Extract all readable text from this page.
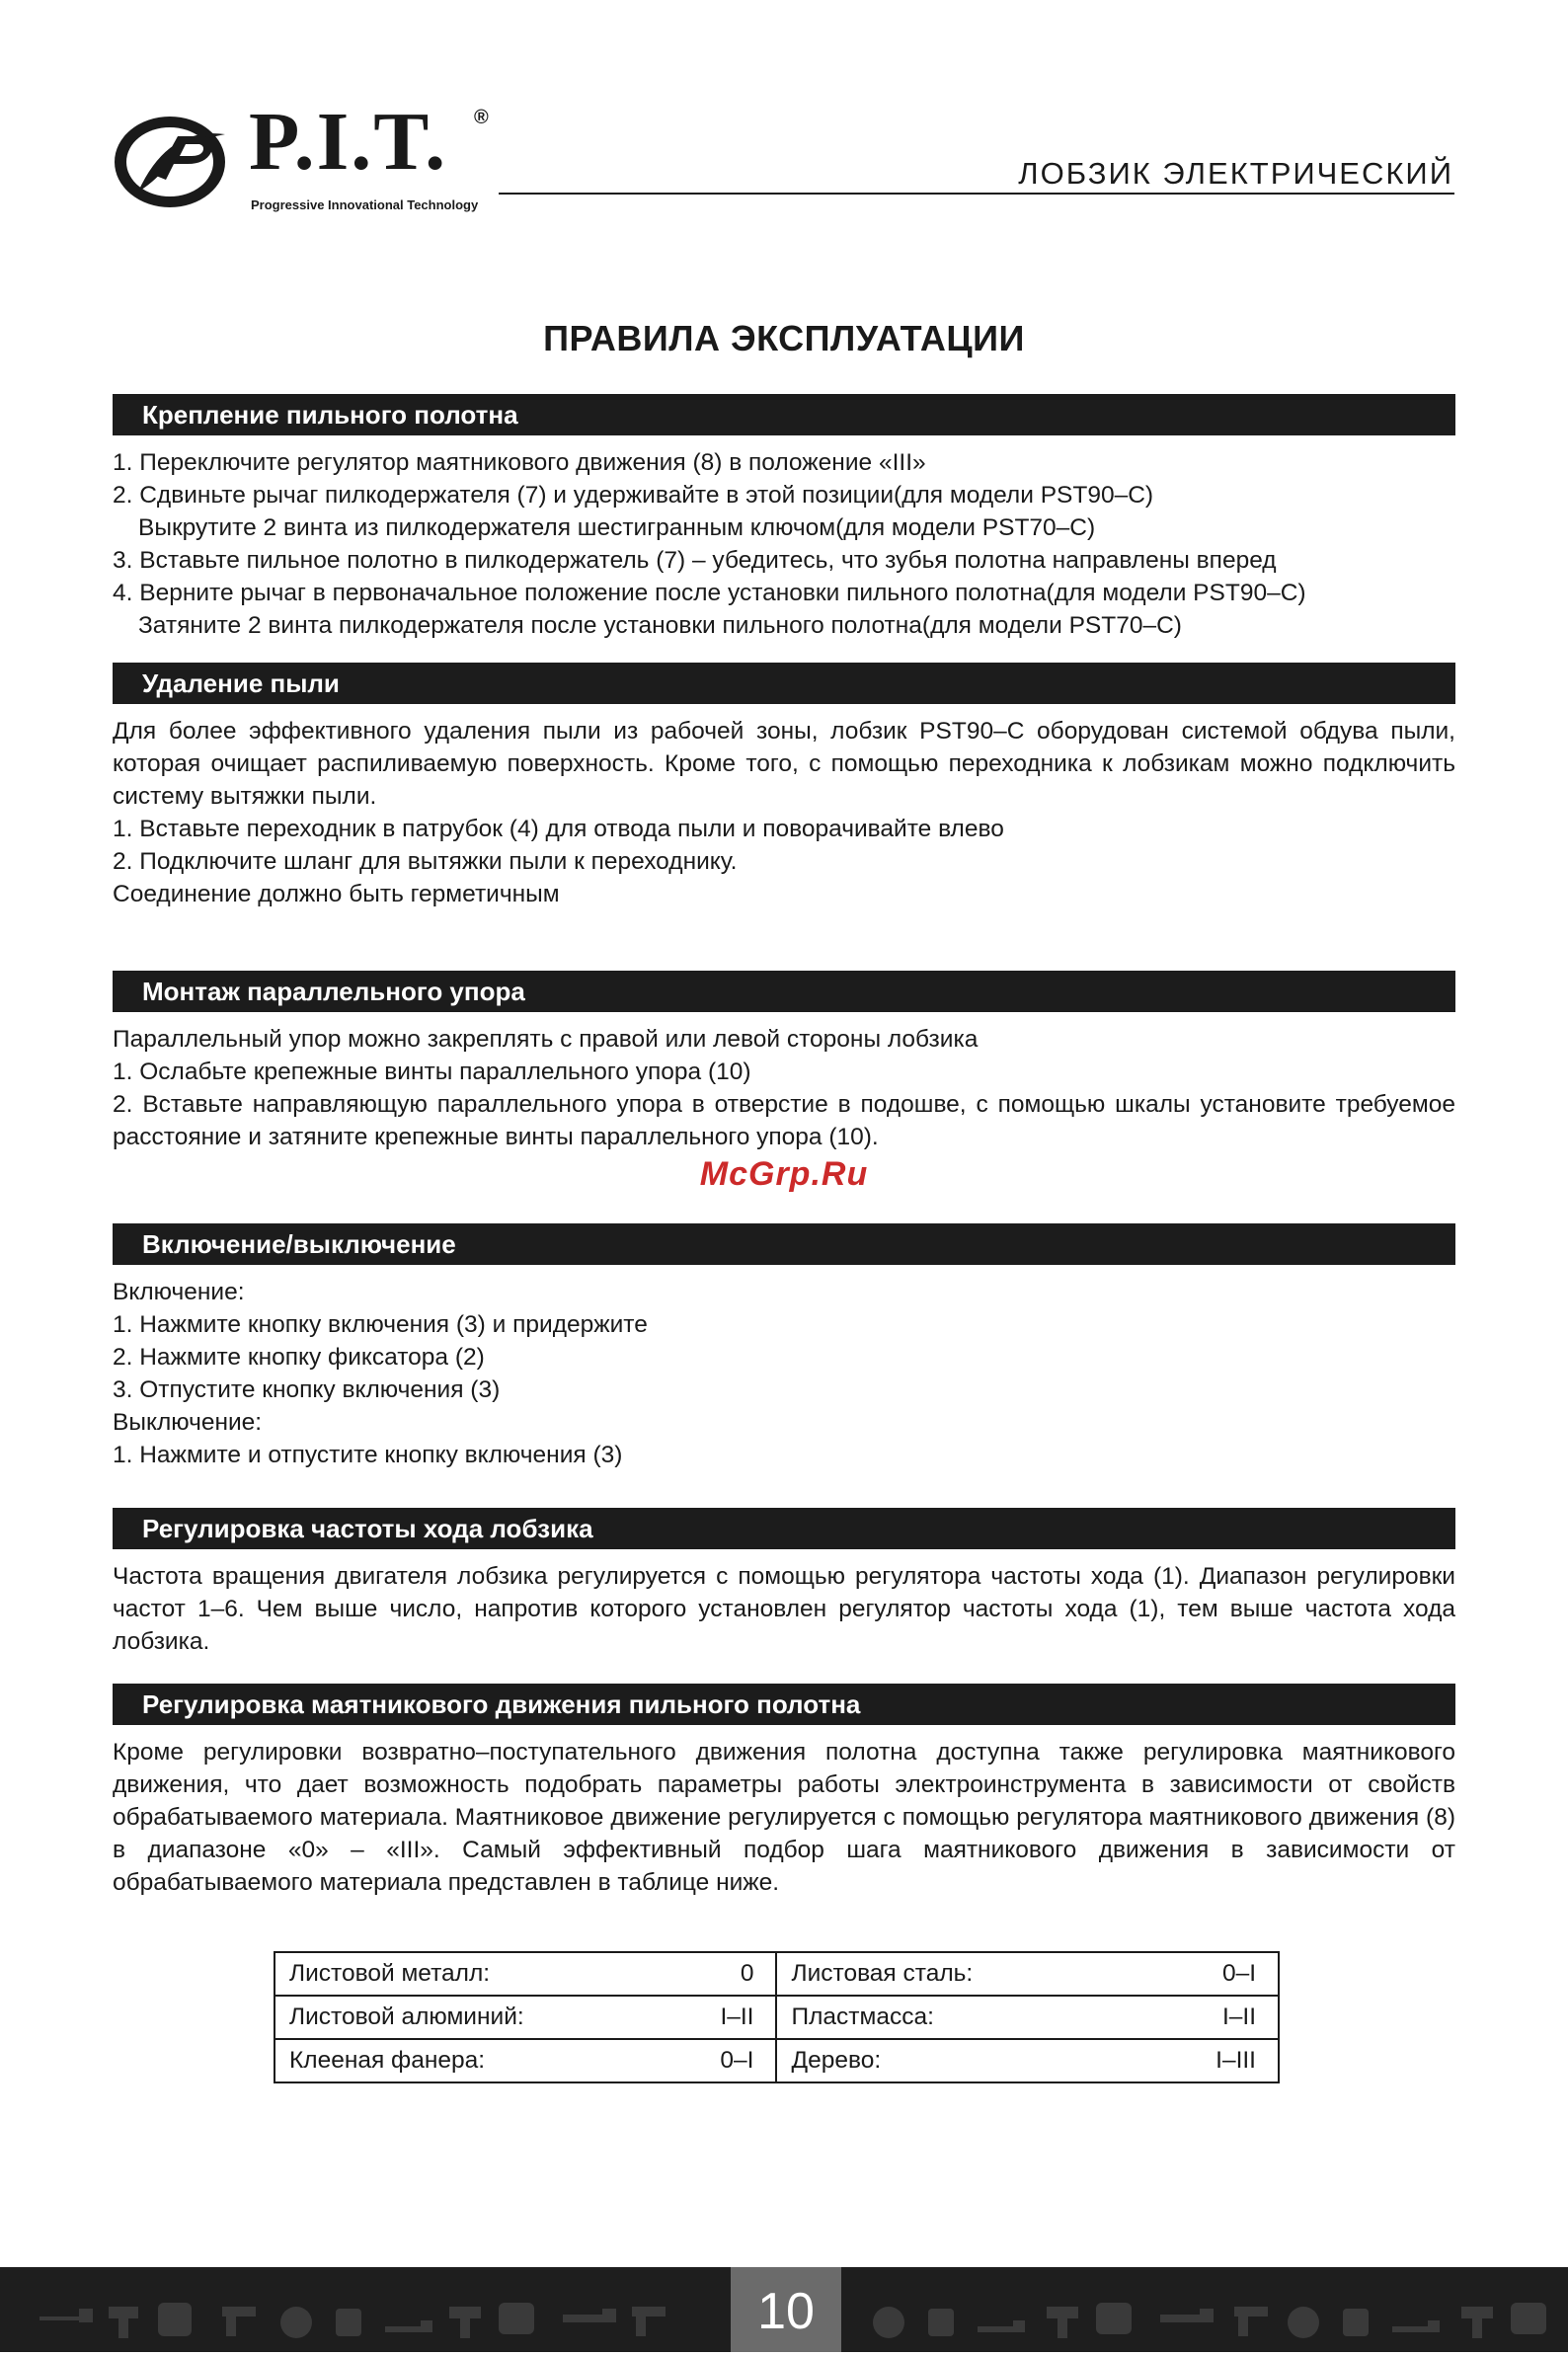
P.I.T. ®
Progressive Innovational Technology
ЛОБЗИК ЭЛЕКТРИЧЕСКИЙ
ПРАВИЛА ЭКСПЛУАТАЦИИ
Крепление пильного полотна

1. Переключите регулятор маятникового движения (8) в положение «III»

2. Сдвиньте рычаг пилкодержателя (7) и удерживайте в этой позиции(для модели PST90–C)

Выкрутите 2 винта из пилкодержателя шестигранным ключом(для модели PST70–C)

3. Вставьте пильное полотно в пилкодержатель (7) – убедитесь, что зубья полотна направлены вперед

4. Верните рычаг в первоначальное положение после установки пильного полотна(для модели PST90–C)

Затяните 2 винта пилкодержателя после установки пильного полотна(для модели PST70–C)

Удаление пыли

Для более эффективного удаления пыли из рабочей зоны, лобзик PST90–C оборудован системой обдува пыли, которая очищает распиливаемую поверхность. Кроме того, с помощью переходника к лобзикам можно подключить систему вытяжки пыли.

1. Вставьте переходник в патрубок (4) для отвода пыли и поворачивайте влево

2. Подключите шланг для вытяжки пыли к переходнику.

Соединение должно быть герметичным

Монтаж параллельного упора

Параллельный упор можно закреплять с правой или левой стороны лобзика

1. Ослабьте крепежные винты параллельного упора (10)

2. Вставьте направляющую параллельного упора в отверстие в подошве, с помощью шкалы установите требуемое расстояние и затяните крепежные винты параллельного упора (10).

McGrp.Ru
Включение/выключение

Включение:

1. Нажмите кнопку включения (3) и придержите

2. Нажмите кнопку фиксатора (2)

3. Отпустите кнопку включения (3)

Выключение:

1. Нажмите и отпустите кнопку включения (3)

Регулировка частоты хода лобзика

Частота вращения двигателя лобзика регулируется с помощью регулятора частоты хода (1). Диапазон регулировки частот 1–6. Чем выше число, напротив которого установлен регулятор частоты хода (1), тем выше частота хода лобзика.

Регулировка маятникового движения пильного полотна

Кроме регулировки возвратно–поступательного движения полотна доступна также регулировка маятникового движения, что дает возможность подобрать параметры работы электроинструмента в зависимости от свойств обрабатываемого материала. Маятниковое движение регулируется с помощью регулятора маятникового движения (8) в диапазоне «0» – «III». Самый эффективный подбор шага маятникового движения в зависимости от обрабатываемого материала представлен в таблице ниже.

Листовой металл:	0	Листовая сталь:	0–I
Листовой алюминий:	I–II	Пластмасса:	I–II
Клееная фанера:	0–I	Дерево:	I–III
10
